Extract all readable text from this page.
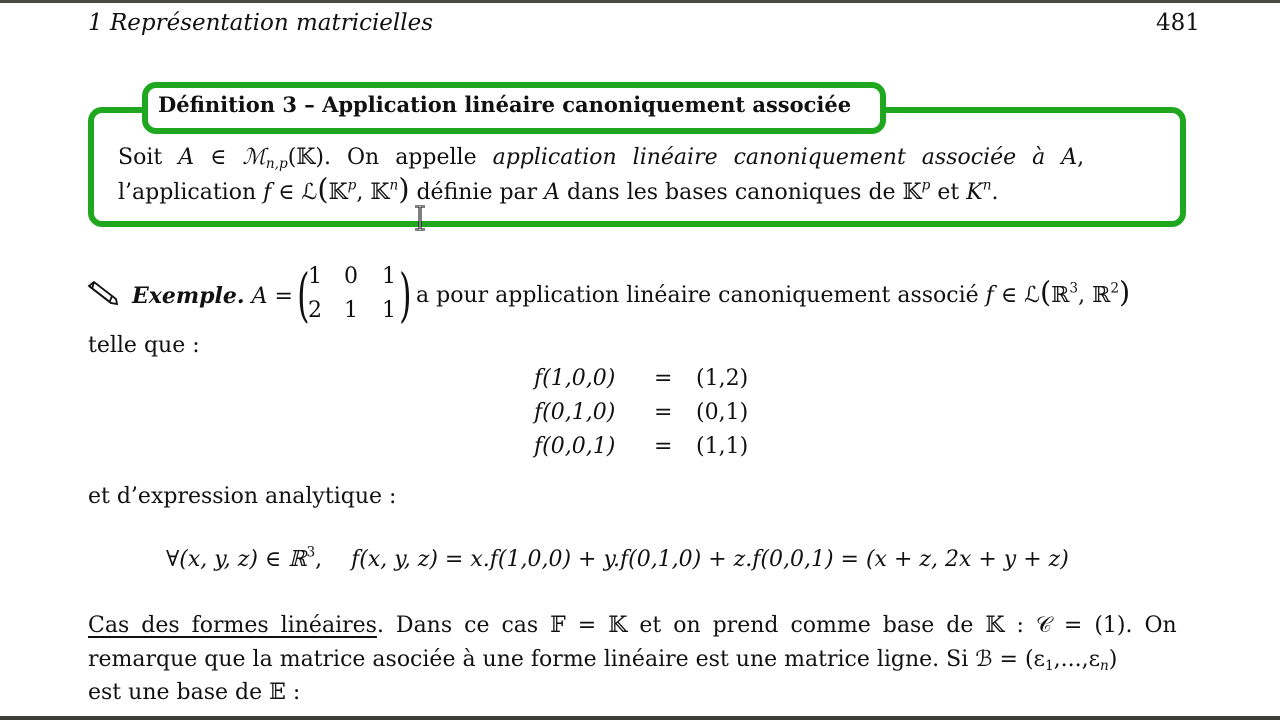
1 Représentation matricielles	481
Définition 3 – Application linéaire canoniquement associée
Soit A ∈ ℳ$_{n,p}$(𝕂). On appelle application linéaire canoniquement associée à A,
l’application f ∈ ℒ(𝕂$^p$, 𝕂$^n$) définie par A dans les bases canoniques de 𝕂$^p$ et $K^n$.
Exemple. A = (
1 0 1
2 1 1 ) a pour application linéaire canoniquement associé f ∈ ℒ(ℝ$^3$, ℝ$^2$)
telle que :
f(1,0,0) = (1,2)
f(0,1,0) = (0,1)
f(0,0,1) = (1,1)
et d’expression analytique :
∀(x, y, z) ∈ ℝ$^3$, f(x, y, z) = x.f(1,0,0) + y.f(0,1,0) + z.f(0,0,1) = (x + z, 2x + y + z)
Cas des formes linéaires. Dans ce cas 𝔽 = 𝕂 et on prend comme base de 𝕂 : 𝒞 = (1). On
remarque que la matrice asociée à une forme linéaire est une matrice ligne. Si ℬ = $(\varepsilon_1,...,\varepsilon_n)$
est une base de 𝔼 :
